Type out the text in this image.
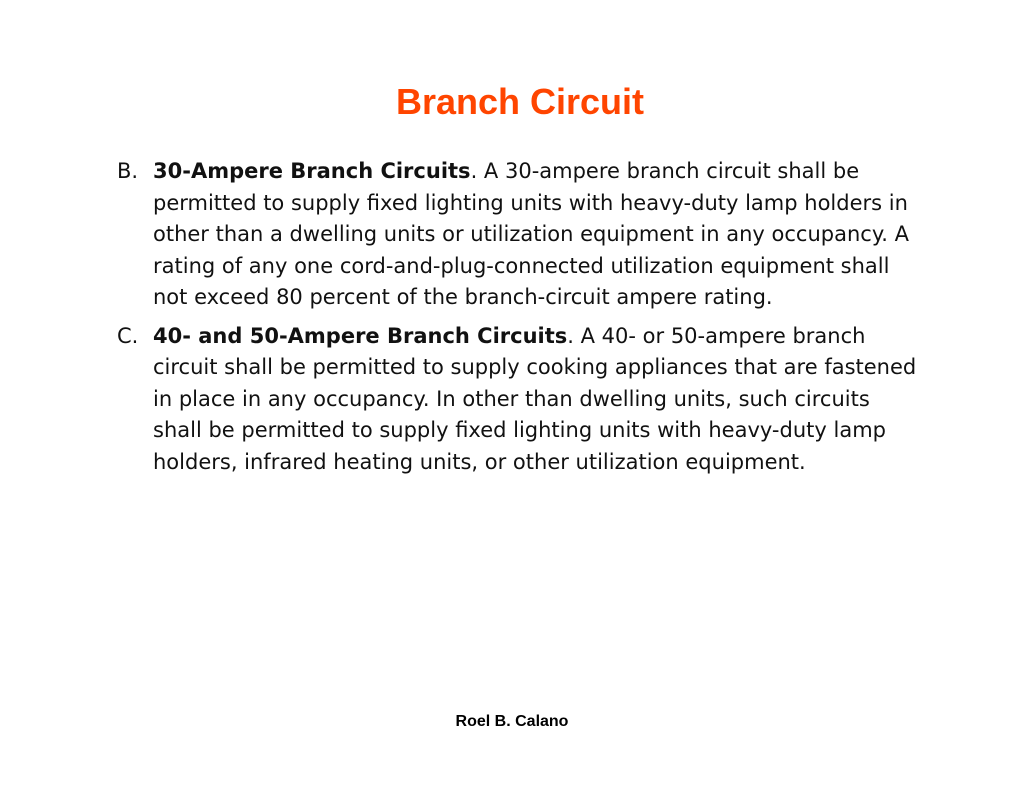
Branch Circuit

B. 30-Ampere Branch Circuits. A 30-ampere branch circuit shall be permitted to supply fixed lighting units with heavy-duty lamp holders in other than a dwelling units or utilization equipment in any occupancy. A rating of any one cord-and-plug-connected utilization equipment shall not exceed 80 percent of the branch-circuit ampere rating.

C. 40- and 50-Ampere Branch Circuits. A 40- or 50-ampere branch circuit shall be permitted to supply cooking appliances that are fastened in place in any occupancy. In other than dwelling units, such circuits shall be permitted to supply fixed lighting units with heavy-duty lamp holders, infrared heating units, or other utilization equipment.

Roel B. Calano
